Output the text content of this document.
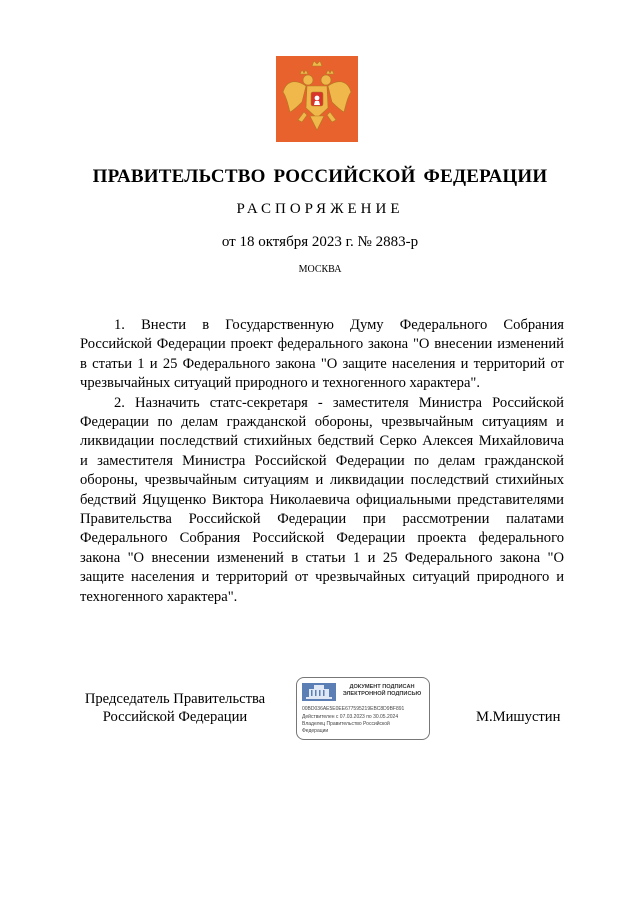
ПРАВИТЕЛЬСТВО РОССИЙСКОЙ ФЕДЕРАЦИИ
РАСПОРЯЖЕНИЕ
от 18 октября 2023 г. № 2883-р
МОСКВА

1. Внести в Государственную Думу Федерального Собрания Российской Федерации проект федерального закона "О внесении изменений в статьи 1 и 25 Федерального закона "О защите населения и территорий от чрезвычайных ситуаций природного и техногенного характера".

2. Назначить статс-секретаря - заместителя Министра Российской Федерации по делам гражданской обороны, чрезвычайным ситуациям и ликвидации последствий стихийных бедствий Серко Алексея Михайловича и заместителя Министра Российской Федерации по делам гражданской обороны, чрезвычайным ситуациям и ликвидации последствий стихийных бедствий Яцущенко Виктора Николаевича официальными представителями Правительства Российской Федерации при рассмотрении палатами Федерального Собрания Российской Федерации проекта федерального закона "О внесении изменений в статьи 1 и 25 Федерального закона "О защите населения и территорий от чрезвычайных ситуаций природного и техногенного характера".

Председатель Правительства
Российской Федерации
ДОКУМЕНТ ПОДПИСАН
ЭЛЕКТРОННОЙ ПОДПИСЬЮ
00BD036AE5E0EE677595219EBC8D9BF891
Действителен с 07.03.2023 по 30.05.2024
Владелец Правительство Российской
Федерации
М.Мишустин
